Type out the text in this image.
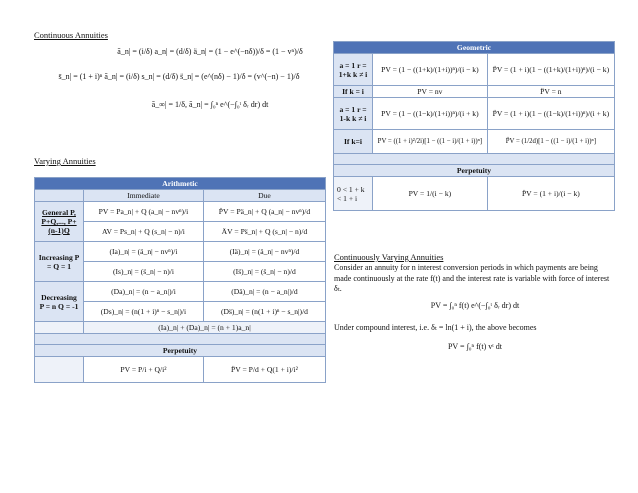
Continuous Annuities
ā_n| = (i/δ) a_n| = (d/δ) ä_n| = (1 − e^(−nδ))/δ = (1 − vⁿ)/δ
s̄_n| = (1 + i)ⁿ ā_n| = (i/δ) s_n| = (d/δ) s̈_n| = (e^(nδ) − 1)/δ = (v^(−n) − 1)/δ
ā_∞| = 1/δ, ā_n| = ∫₀ⁿ e^(−∫₀ᵗ δᵣ dr) dt
Varying Annuities
Arithmetic		
	Immediate	Due
General P, P+Q,..., P+(n-1)Q	PV = Pa_n| + Q (a_n| − nvⁿ)/i	P̈V = Pä_n| + Q (a_n| − nvⁿ)/d
	AV = Ps_n| + Q (s_n| − n)/i	ÄV = Ps̈_n| + Q (s_n| − n)/d
Increasing P = Q = 1	(Ia)_n| = (ä_n| − nvⁿ)/i	(Iä)_n| = (ä_n| − nvⁿ)/d
	(Is)_n| = (s̈_n| − n)/i	(Is̈)_n| = (s̈_n| − n)/d
Decreasing P = n Q = -1	(Da)_n| = (n − a_n|)/i	(Dä)_n| = (n − a_n|)/d
	(Ds)_n| = (n(1 + i)ⁿ − s_n|)/i	(Ds̈)_n| = (n(1 + i)ⁿ − s_n|)/d
	(Ia)_n| + (Da)_n| = (n + 1)a_n|	

Perpetuity		
	PV = P/i + Q/i²	P̈V = P/d + Q(1 + i)/i²
Geometric		
a = 1 r = 1+k k ≠ i	PV = (1 − ((1+k)/(1+i))ⁿ)/(i − k)	P̈V = (1 + i)(1 − ((1+k)/(1+i))ⁿ)/(i − k)
If k = i	PV = nv	P̈V = n
a = 1 r = 1-k k ≠ i	PV = (1 − ((1−k)/(1+i))ⁿ)/(i + k)	P̈V = (1 + i)(1 − ((1−k)/(1+i))ⁿ)/(i + k)
If k=i	PV = ((1 + i)²/2i)[1 − ((1 − i)/(1 + i))ⁿ]	P̈V = (1/2d)[1 − ((1 − i)/(1 + i))ⁿ]

Perpetuity		
0 < 1 + k < 1 + i	PV = 1/(i − k)	P̈V = (1 + i)/(i − k)
Continuously Varying Annuities
Consider an annuity for n interest conversion periods in which payments are being made continuously at the rate f(t) and the interest rate is variable with force of interest δₜ.
PV = ∫₀ⁿ f(t) e^(−∫₀ᵗ δᵣ dr) dt
Under compound interest, i.e. δₜ = ln(1 + i), the above becomes
PV = ∫₀ⁿ f(t) vᵗ dt
